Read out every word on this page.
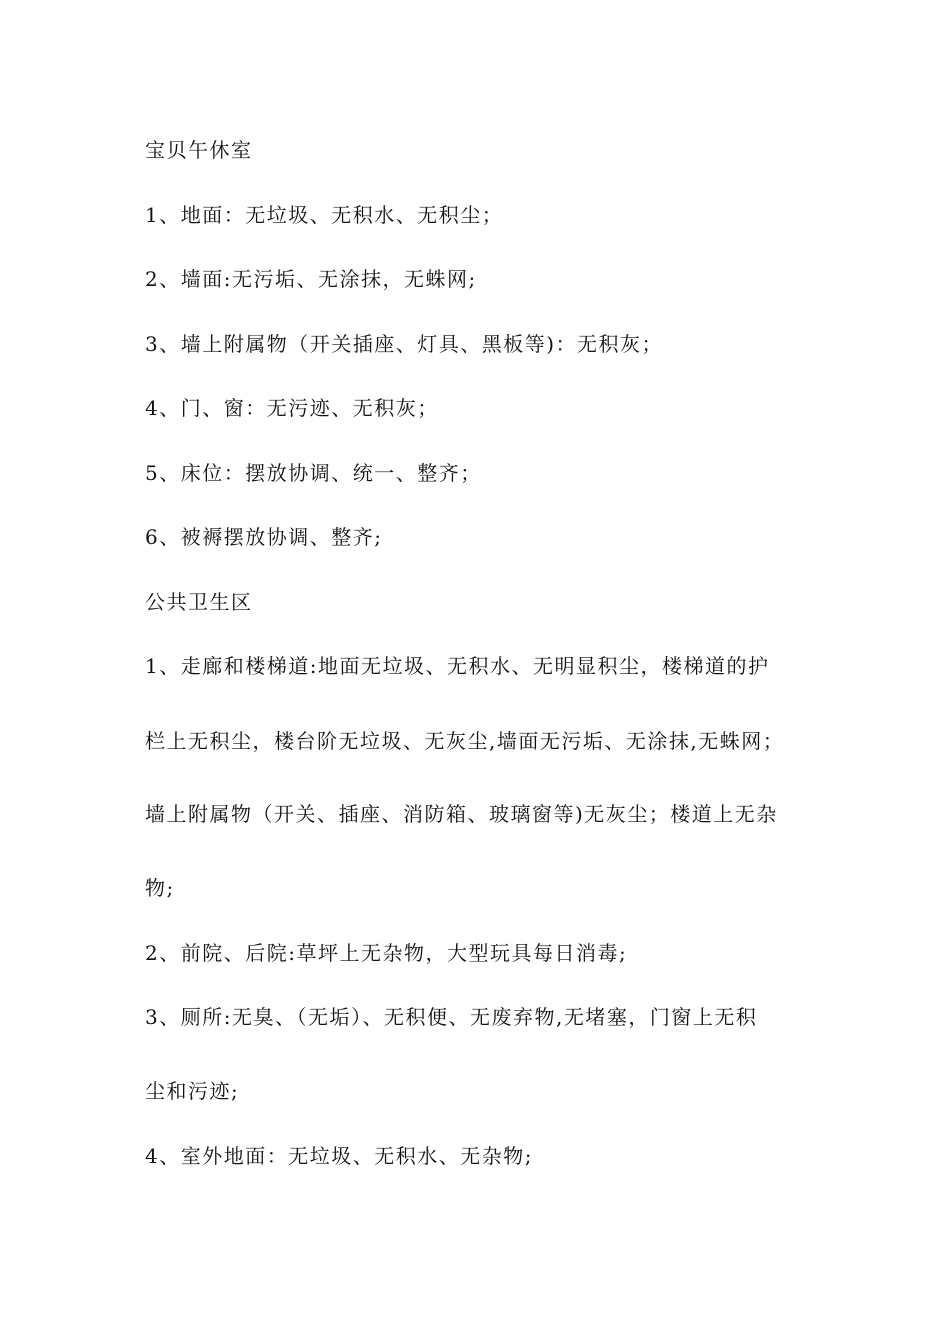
宝贝午休室
1、地面：无垃圾、无积水、无积尘；
2、墙面:无污垢、无涂抹，无蛛网;
3、墙上附属物（开关插座、灯具、黑板等)：无积灰；
4、门、窗：无污迹、无积灰；
5、床位：摆放协调、统一、整齐；
6、被褥摆放协调、整齐;
公共卫生区
1、走廊和楼梯道:地面无垃圾、无积水、无明显积尘，楼梯道的护
栏上无积尘，楼台阶无垃圾、无灰尘,墙面无污垢、无涂抹,无蛛网；
墙上附属物（开关、插座、消防箱、玻璃窗等)无灰尘；楼道上无杂
物;
2、前院、后院:草坪上无杂物，大型玩具每日消毒;
3、厕所:无臭、（无垢）、无积便、无废弃物,无堵塞，门窗上无积
尘和污迹;
4、室外地面：无垃圾、无积水、无杂物;
